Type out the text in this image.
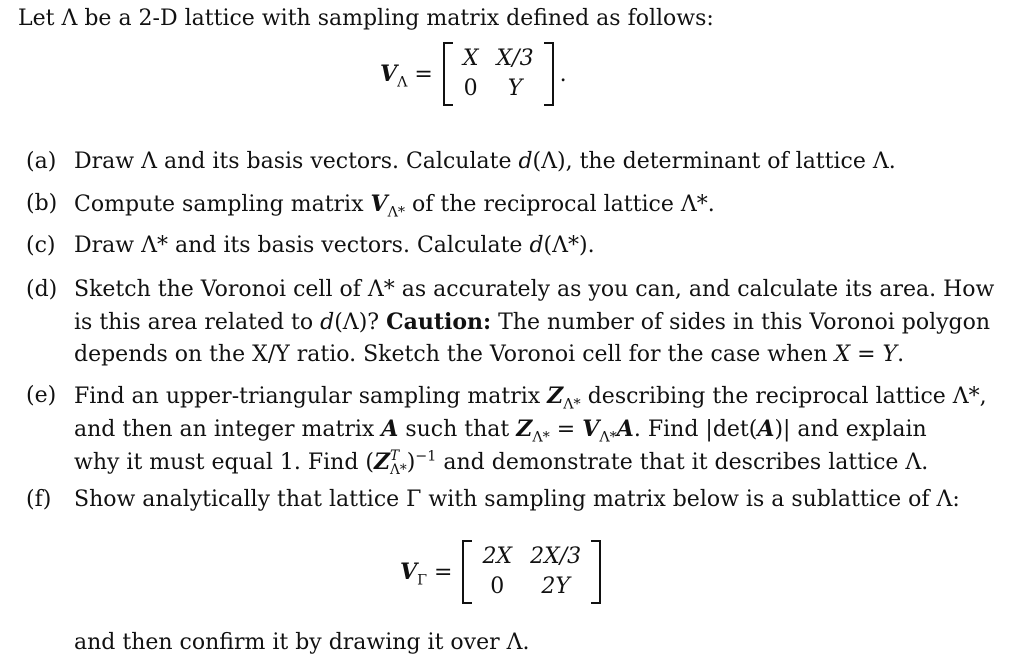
Let Λ be a 2-D lattice with sampling matrix defined as follows:
$V_\Lambda$ =
X X/3
0	Y
.
(a) Draw Λ and its basis vectors. Calculate d(Λ), the determinant of lattice Λ.
(b) Compute sampling matrix $V_{\Lambda*}$ of the reciprocal lattice Λ*.
(c) Draw Λ* and its basis vectors. Calculate d(Λ*).
(d) Sketch the Voronoi cell of Λ* as accurately as you can, and calculate its area. How
is this area related to d(Λ)? Caution: The number of sides in this Voronoi polygon
depends on the X/Y ratio. Sketch the Voronoi cell for the case when X = Y.
(e) Find an upper-triangular sampling matrix $Z_{\Lambda*}$ describing the reciprocal lattice Λ*,
and then an integer matrix A such that $Z_{\Lambda*} = V_{\Lambda*}A$. Find |det(A)| and explain
why it must equal 1. Find (Z T
Λ* )$^{-1}$ and demonstrate that it describes lattice Λ.
(f)	Show analytically that lattice Γ with sampling matrix below is a sublattice of Λ:
$V_\Gamma$ =
2X 2X/3
0	2Y
and then confirm it by drawing it over Λ.
